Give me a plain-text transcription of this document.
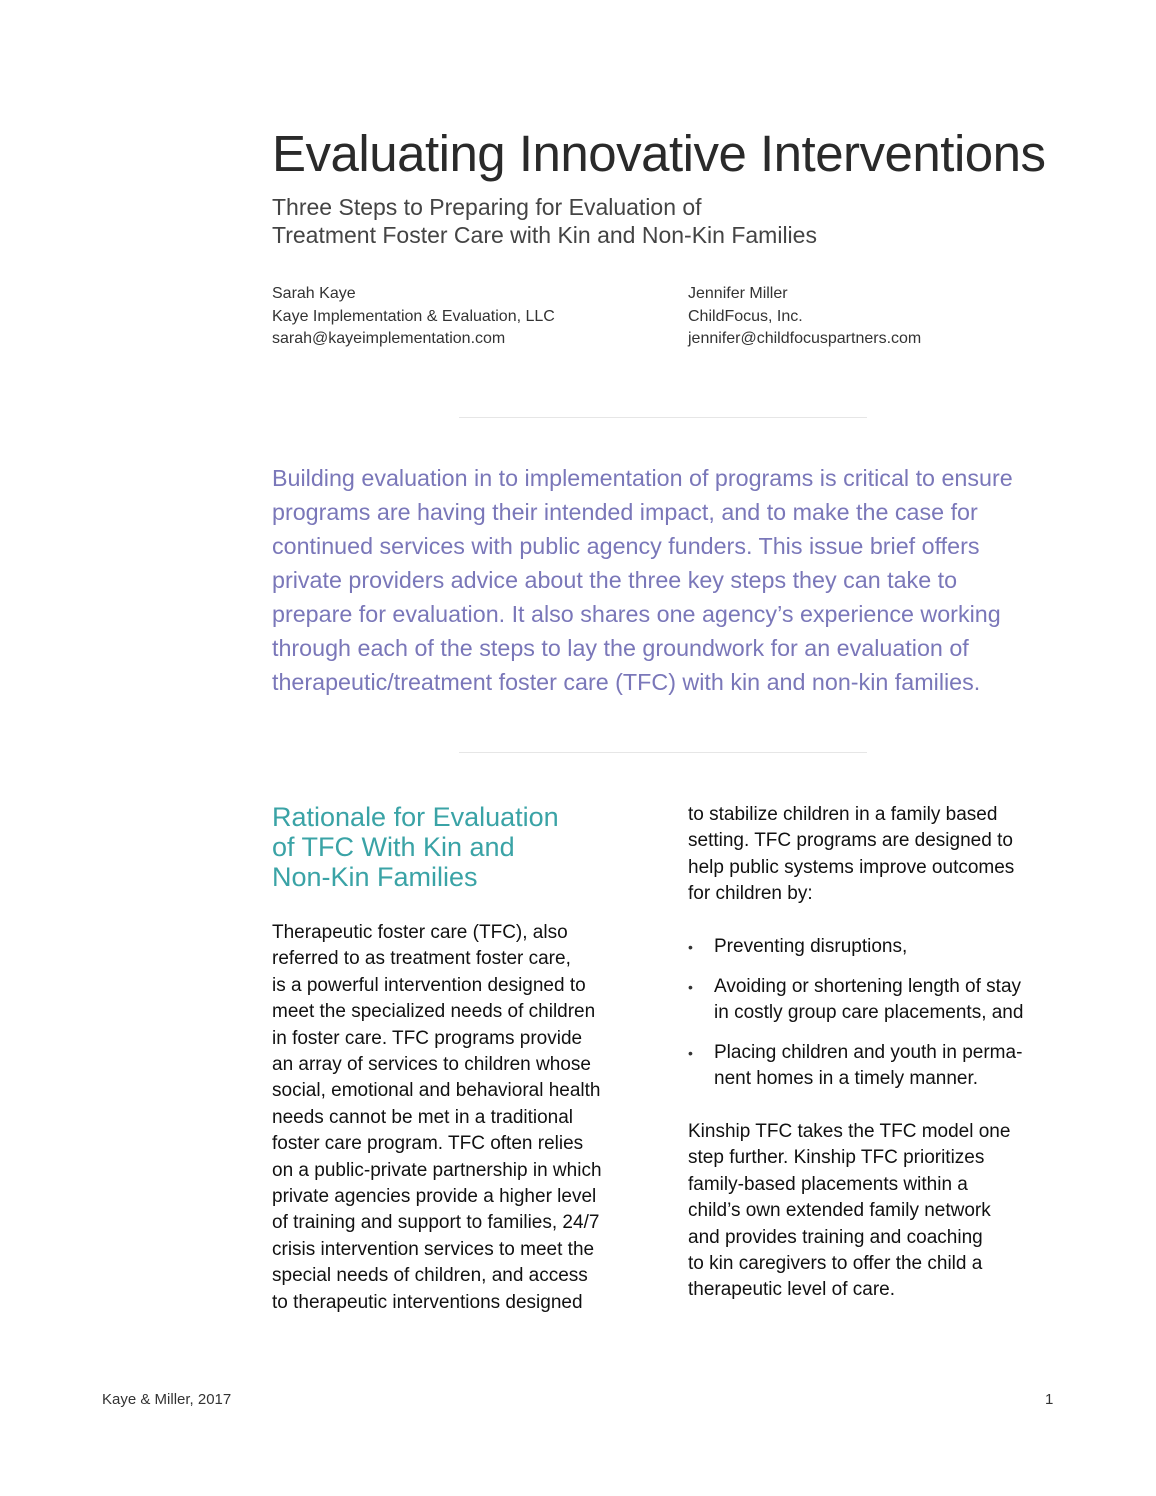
Evaluating Innovative Interventions
Three Steps to Preparing for Evaluation of
Treatment Foster Care with Kin and Non-Kin Families
Sarah Kaye
Kaye Implementation & Evaluation, LLC
sarah@kayeimplementation.com
Jennifer Miller
ChildFocus, Inc.
jennifer@childfocuspartners.com
Building evaluation in to implementation of programs is critical to ensure
programs are having their intended impact, and to make the case for
continued services with public agency funders. This issue brief offers
private providers advice about the three key steps they can take to
prepare for evaluation. It also shares one agency’s experience working
through each of the steps to lay the groundwork for an evaluation of
therapeutic/treatment foster care (TFC) with kin and non-kin families.
Rationale for Evaluation
of TFC With Kin and
Non-Kin Families
Therapeutic foster care (TFC), also
referred to as treatment foster care,
is a powerful intervention designed to
meet the specialized needs of children
in foster care. TFC programs provide
an array of services to children whose
social, emotional and behavioral health
needs cannot be met in a traditional
foster care program. TFC often relies
on a public-private partnership in which
private agencies provide a higher level
of training and support to families, 24/7
crisis intervention services to meet the
special needs of children, and access
to therapeutic interventions designed
to stabilize children in a family based
setting. TFC programs are designed to
help public systems improve outcomes
for children by:
• Preventing disruptions,
• Avoiding or shortening length of stay
in costly group care placements, and
• Placing children and youth in perma-
nent homes in a timely manner.
Kinship TFC takes the TFC model one
step further. Kinship TFC prioritizes
family-based placements within a
child’s own extended family network
and provides training and coaching
to kin caregivers to offer the child a
therapeutic level of care.
Kaye & Miller, 2017	1
